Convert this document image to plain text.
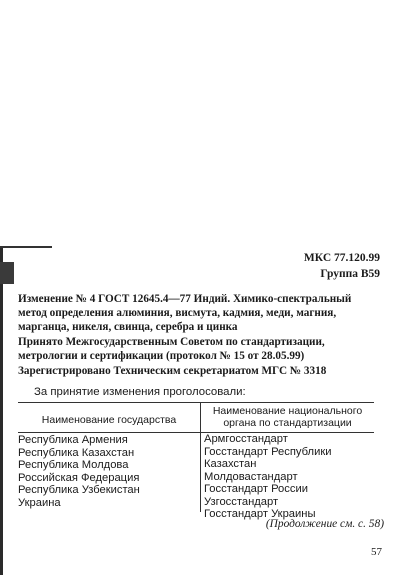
МКС 77.120.99
Группа В59
Изменение № 4 ГОСТ 12645.4—77 Индий. Химико-спектральный метод определения алюминия, висмута, кадмия, меди, магния, марганца, никеля, свинца, серебра и цинка
Принято Межгосударственным Советом по стандартизации, метрологии и сертификации (протокол № 15 от 28.05.99)
Зарегистрировано Техническим секретариатом МГС № 3318
За принятие изменения проголосовали:
Наименование государства
Наименование национального органа по стандартизации
Республика Армения
Республика Казахстан
Республика Молдова
Российская Федерация
Республика Узбекистан
Украина
Армгосстандарт
Госстандарт Республики Казахстан
Молдовастандарт
Госстандарт России
Узгосстандарт
Госстандарт Украины
(Продолжение см. с. 58)
57
